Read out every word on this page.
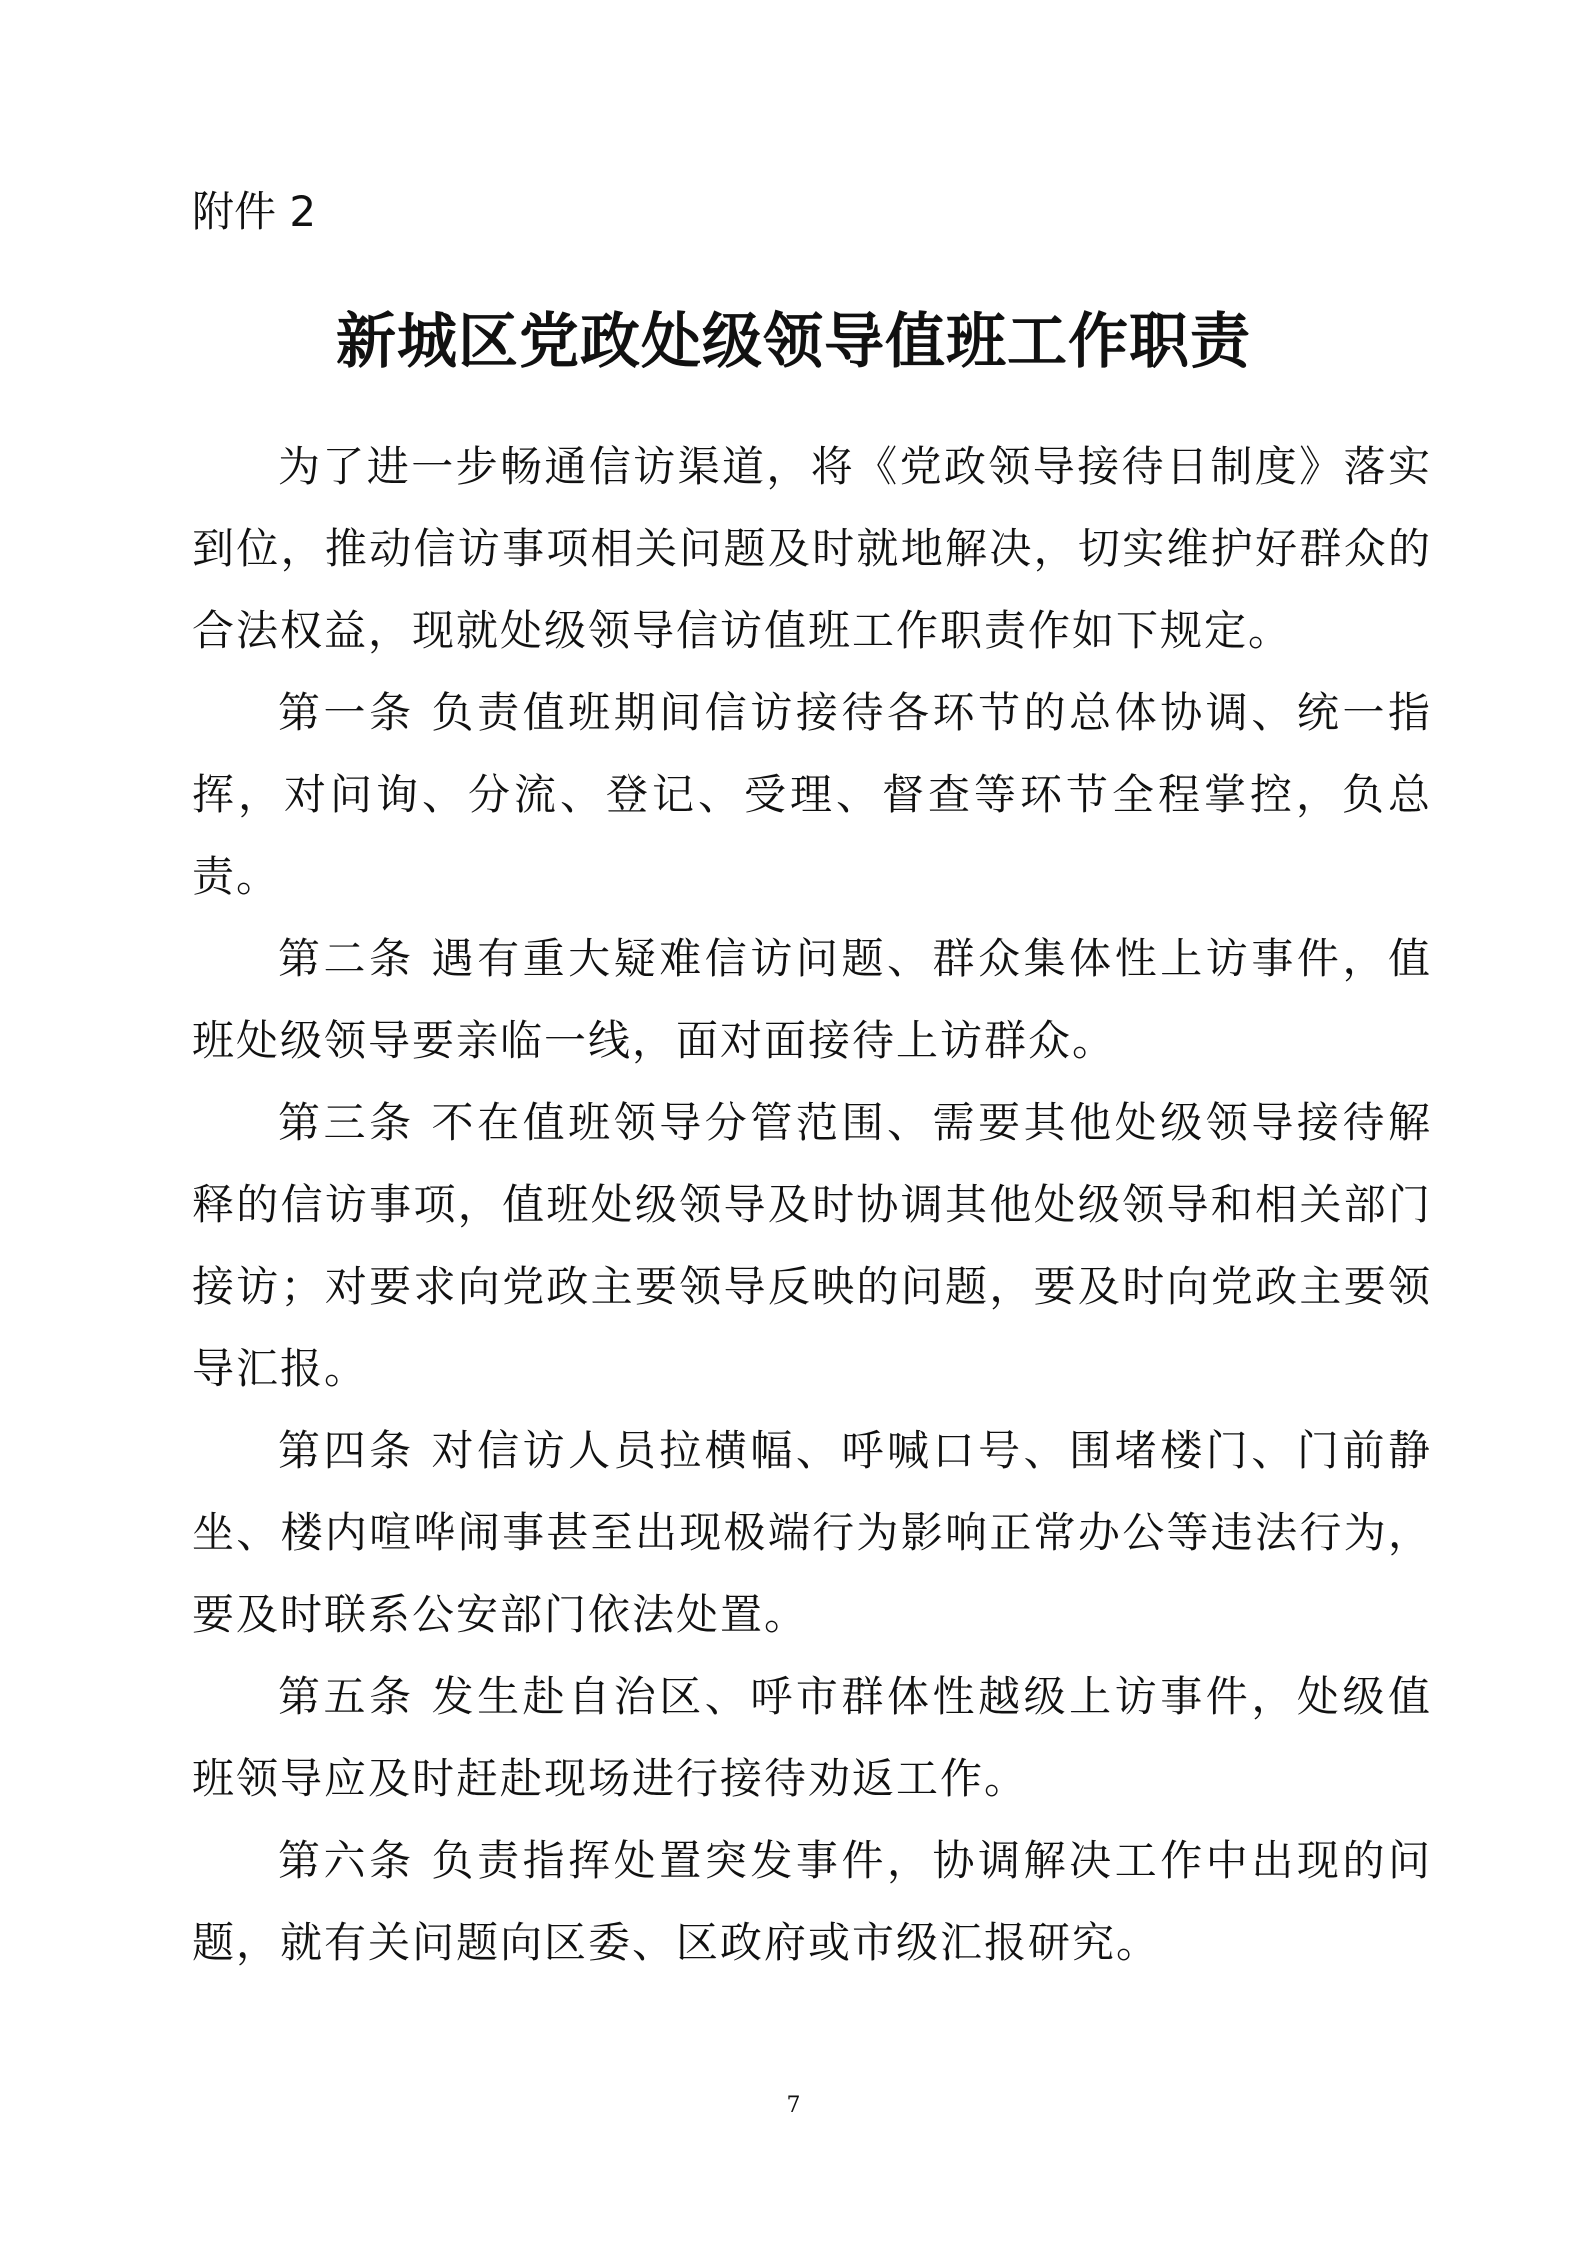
附件 2

新城区党政处级领导值班工作职责

为了进一步畅通信访渠道，将《党政领导接待日制度》落实到位，推动信访事项相关问题及时就地解决，切实维护好群众的合法权益，现就处级领导信访值班工作职责作如下规定。

第一条 负责值班期间信访接待各环节的总体协调、统一指挥，对问询、分流、登记、受理、督查等环节全程掌控，负总责。

第二条 遇有重大疑难信访问题、群众集体性上访事件，值班处级领导要亲临一线，面对面接待上访群众。

第三条 不在值班领导分管范围、需要其他处级领导接待解释的信访事项，值班处级领导及时协调其他处级领导和相关部门接访；对要求向党政主要领导反映的问题，要及时向党政主要领导汇报。

第四条 对信访人员拉横幅、呼喊口号、围堵楼门、门前静坐、楼内喧哗闹事甚至出现极端行为影响正常办公等违法行为，要及时联系公安部门依法处置。

第五条 发生赴自治区、呼市群体性越级上访事件，处级值班领导应及时赶赴现场进行接待劝返工作。

第六条 负责指挥处置突发事件，协调解决工作中出现的问题，就有关问题向区委、区政府或市级汇报研究。

7
